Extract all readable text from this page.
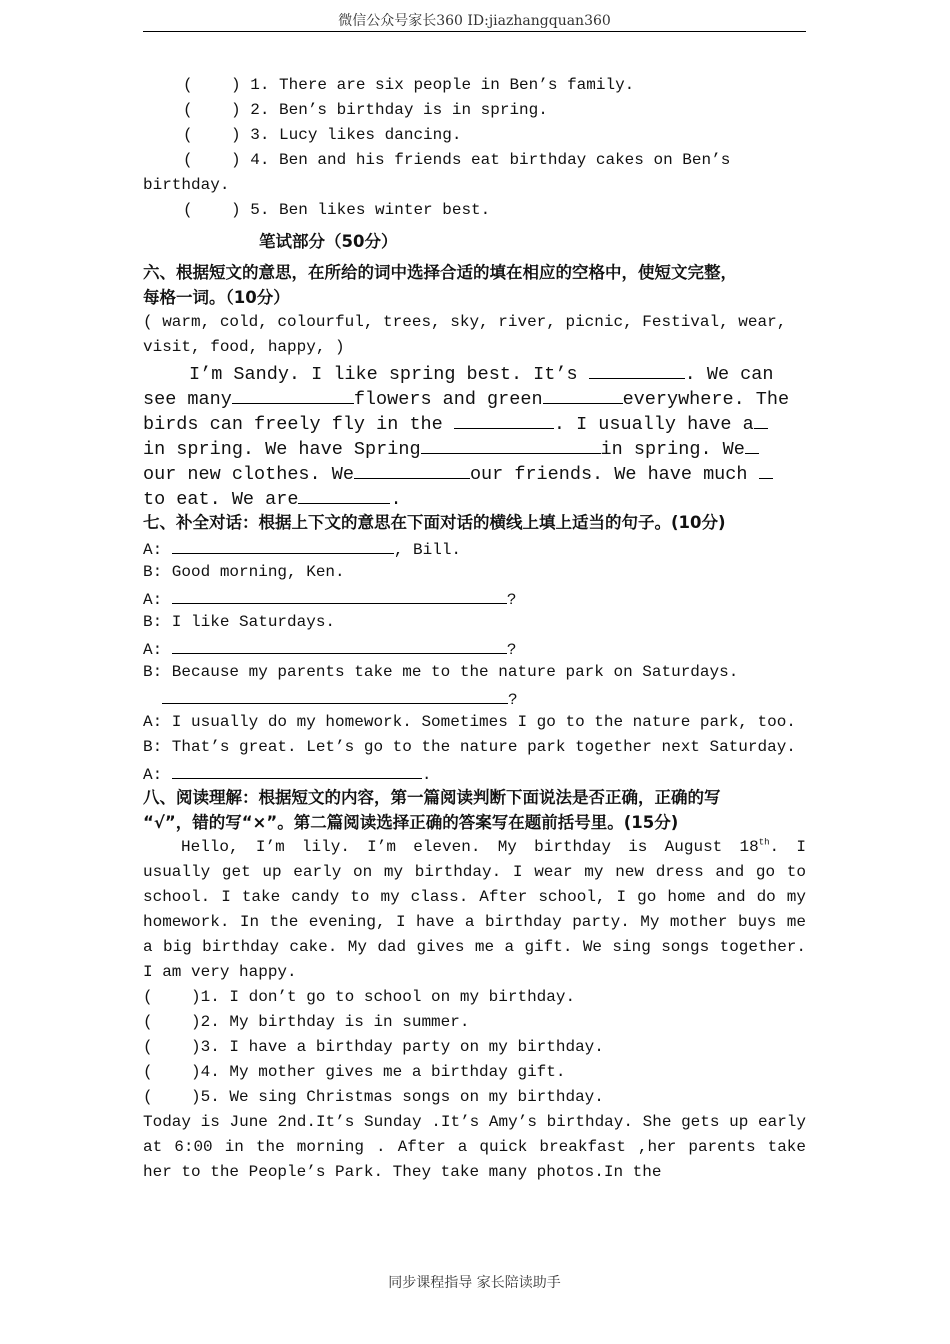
微信公众号家长360 ID:jiazhangquan360
(    ) 1. There are six people in Ben’s family.
(    ) 2. Ben’s birthday is in spring.
(    ) 3. Lucy likes dancing.
(    ) 4. Ben and his friends eat birthday cakes on Ben’s
birthday.
(    ) 5. Ben likes winter best.
笔试部分（50分）
六、根据短文的意思，在所给的词中选择合适的填在相应的空格中，使短文完整，
每格一词。（10分）
( warm, cold, colourful, trees, sky, river, picnic, Festival, wear,
visit, food, happy, )
I’m Sandy. I like spring best. It’s	. We can
see many	flowers and green	everywhere. The
birds can freely fly in the	. I usually have a
in spring. We have Spring	in spring. We
our new clothes. We	our friends. We have much
to eat. We are	.
七、补全对话：根据上下文的意思在下面对话的横线上填上适当的句子。(10分)
A:	, Bill.
B: Good morning, Ken.
A:	?
B: I like Saturdays.
A:	?
B: Because my parents take me to the nature park on Saturdays.
?
A: I usually do my homework. Sometimes I go to the nature park, too.
B: That’s great. Let’s go to the nature park together next Saturday.
A:	.
八、阅读理解：根据短文的内容，第一篇阅读判断下面说法是否正确，正确的写
“√”，错的写“×”。第二篇阅读选择正确的答案写在题前括号里。(15分)
Hello, I’m lily. I’m eleven. My birthday is August 18th. I usually get up early on my birthday. I wear my new dress and go to school. I take candy to my class. After school, I go home and do my homework. In the evening, I have a birthday party. My mother buys me a big birthday cake. My dad gives me a gift. We sing songs together. I am very happy.
(    )1. I don’t go to school on my birthday.
(    )2. My birthday is in summer.
(    )3. I have a birthday party on my birthday.
(    )4. My mother gives me a birthday gift.
(    )5. We sing Christmas songs on my birthday.
Today is June 2nd.It’s Sunday .It’s Amy’s birthday. She gets up early at 6:00 in the morning . After a quick breakfast ,her parents take her to the People’s Park. They take many photos.In the
同步课程指导 家长陪读助手
